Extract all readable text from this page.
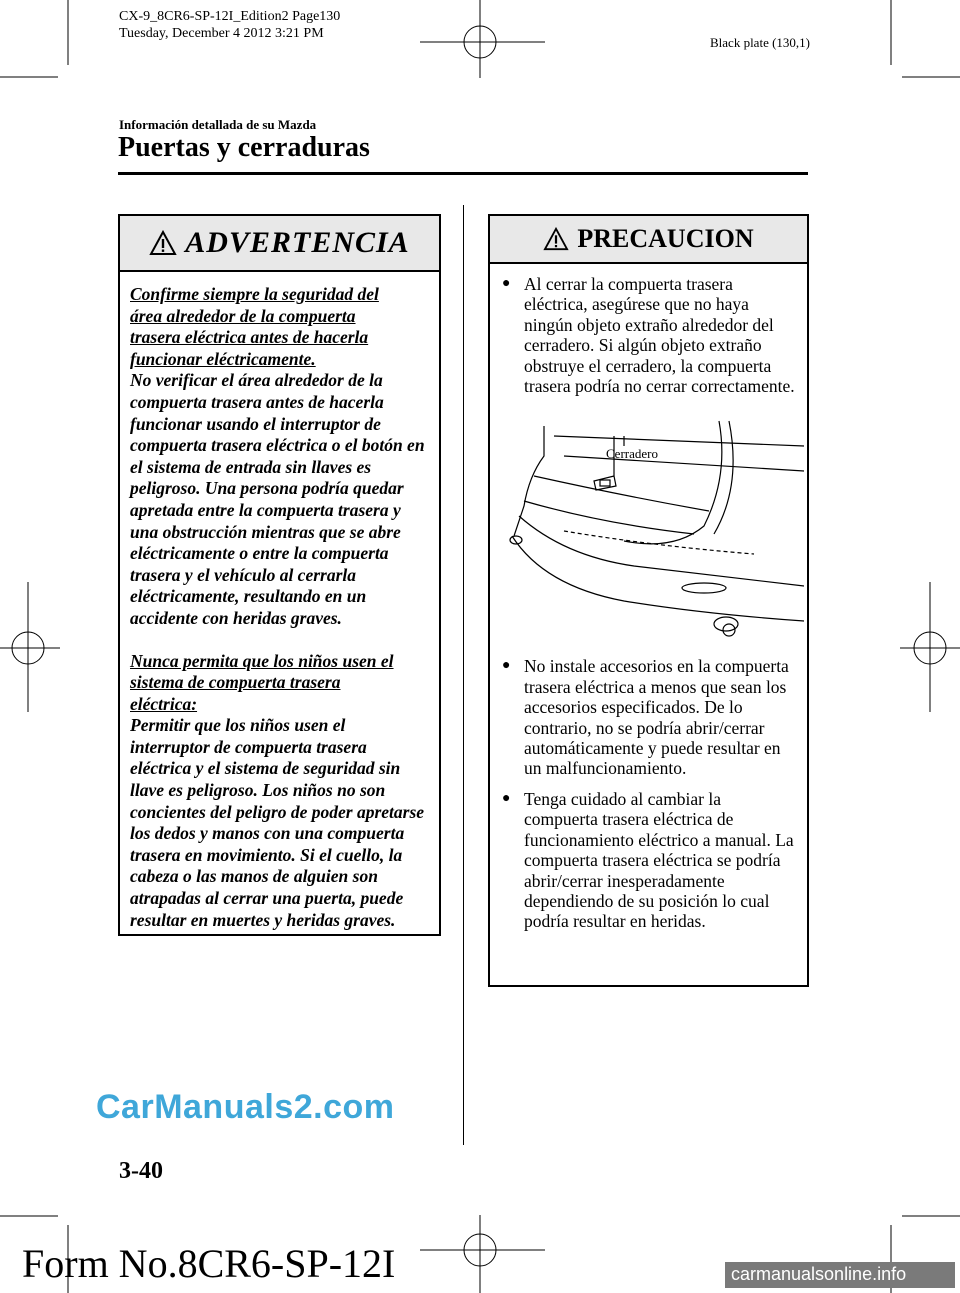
CX-9_8CR6-SP-12I_Edition2 Page130
Tuesday, December 4 2012 3:21 PM
Black plate (130,1)
Información detallada de su Mazda
Puertas y cerraduras
ADVERTENCIA

Confirme siempre la seguridad del
área alrededor de la compuerta
trasera eléctrica antes de hacerla
funcionar eléctricamente.
No verificar el área alrededor de la compuerta trasera antes de hacerla funcionar usando el interruptor de compuerta trasera eléctrica o el botón en el sistema de entrada sin llaves es peligroso. Una persona podría quedar apretada entre la compuerta trasera y una obstrucción mientras que se abre eléctricamente o entre la compuerta trasera y el vehículo al cerrarla eléctricamente, resultando en un accidente con heridas graves.

Nunca permita que los niños usen el
sistema de compuerta trasera
eléctrica:
Permitir que los niños usen el interruptor de compuerta trasera eléctrica y el sistema de seguridad sin llave es peligroso. Los niños no son concientes del peligro de poder apretarse los dedos y manos con una compuerta trasera en movimiento. Si el cuello, la cabeza o las manos de alguien son atrapadas al cerrar una puerta, puede resultar en muertes y heridas graves.

PRECAUCION
● Al cerrar la compuerta trasera eléctrica, asegúrese que no haya ningún objeto extraño alrededor del cerradero. Si algún objeto extraño obstruye el cerradero, la compuerta trasera podría no cerrar correctamente.
Cerradero
● No instale accesorios en la compuerta trasera eléctrica a menos que sean los accesorios especificados. De lo contrario, no se podría abrir/cerrar automáticamente y puede resultar en un malfuncionamiento.
● Tenga cuidado al cambiar la compuerta trasera eléctrica de funcionamiento eléctrico a manual. La compuerta trasera eléctrica se podría abrir/cerrar inesperadamente dependiendo de su posición lo cual podría resultar en heridas.
CarManuals2.com
3-40
Form No.8CR6-SP-12I	carmanualsonline.info
